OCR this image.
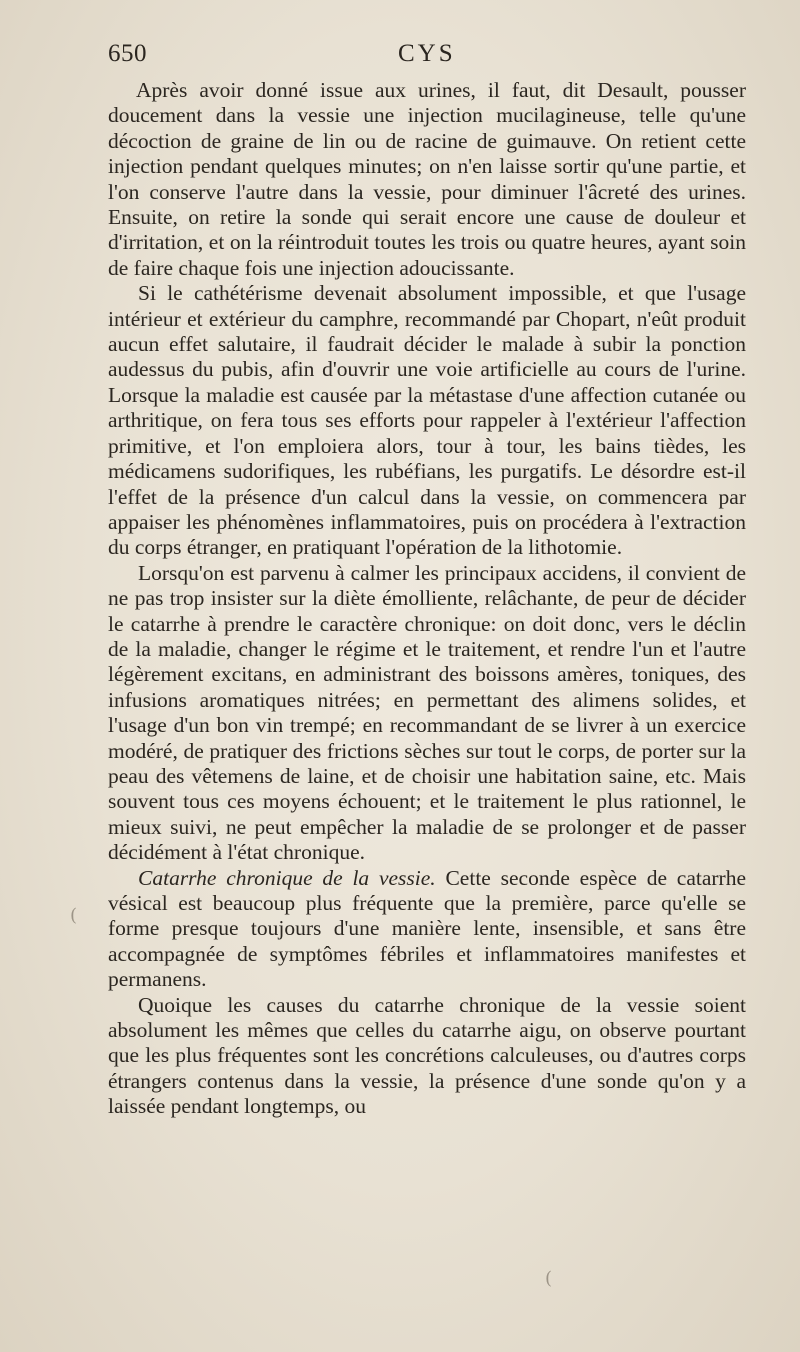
650	CYS

Après avoir donné issue aux urines, il faut, dit Desault, pousser doucement dans la vessie une injection mucilagineuse, telle qu'une décoction de graine de lin ou de racine de guimauve. On retient cette injection pendant quelques minutes; on n'en laisse sortir qu'une partie, et l'on conserve l'autre dans la vessie, pour diminuer l'âcreté des urines. Ensuite, on retire la sonde qui serait encore une cause de douleur et d'irritation, et on la réintroduit toutes les trois ou quatre heures, ayant soin de faire chaque fois une injection adoucissante.

Si le cathétérisme devenait absolument impossible, et que l'usage intérieur et extérieur du camphre, recommandé par Chopart, n'eût produit aucun effet salutaire, il faudrait décider le malade à subir la ponction audessus du pubis, afin d'ouvrir une voie artificielle au cours de l'urine. Lorsque la maladie est causée par la métastase d'une affection cutanée ou arthritique, on fera tous ses efforts pour rappeler à l'extérieur l'affection primitive, et l'on emploiera alors, tour à tour, les bains tièdes, les médicamens sudorifiques, les rubéfians, les purgatifs. Le désordre est-il l'effet de la présence d'un calcul dans la vessie, on commencera par appaiser les phénomènes inflammatoires, puis on procédera à l'extraction du corps étranger, en pratiquant l'opération de la lithotomie.

Lorsqu'on est parvenu à calmer les principaux accidens, il convient de ne pas trop insister sur la diète émolliente, relâchante, de peur de décider le catarrhe à prendre le caractère chronique: on doit donc, vers le déclin de la maladie, changer le régime et le traitement, et rendre l'un et l'autre légèrement excitans, en administrant des boissons amères, toniques, des infusions aromatiques nitrées; en permettant des alimens solides, et l'usage d'un bon vin trempé; en recommandant de se livrer à un exercice modéré, de pratiquer des frictions sèches sur tout le corps, de porter sur la peau des vêtemens de laine, et de choisir une habitation saine, etc. Mais souvent tous ces moyens échouent; et le traitement le plus rationnel, le mieux suivi, ne peut empêcher la maladie de se prolonger et de passer décidément à l'état chronique.

Catarrhe chronique de la vessie. Cette seconde espèce de catarrhe vésical est beaucoup plus fréquente que la première, parce qu'elle se forme presque toujours d'une manière lente, insensible, et sans être accompagnée de symptômes fébriles et inflammatoires manifestes et permanens.

Quoique les causes du catarrhe chronique de la vessie soient absolument les mêmes que celles du catarrhe aigu, on observe pourtant que les plus fréquentes sont les concrétions calculeuses, ou d'autres corps étrangers contenus dans la vessie, la présence d'une sonde qu'on y a laissée pendant longtemps, ou

(
(
